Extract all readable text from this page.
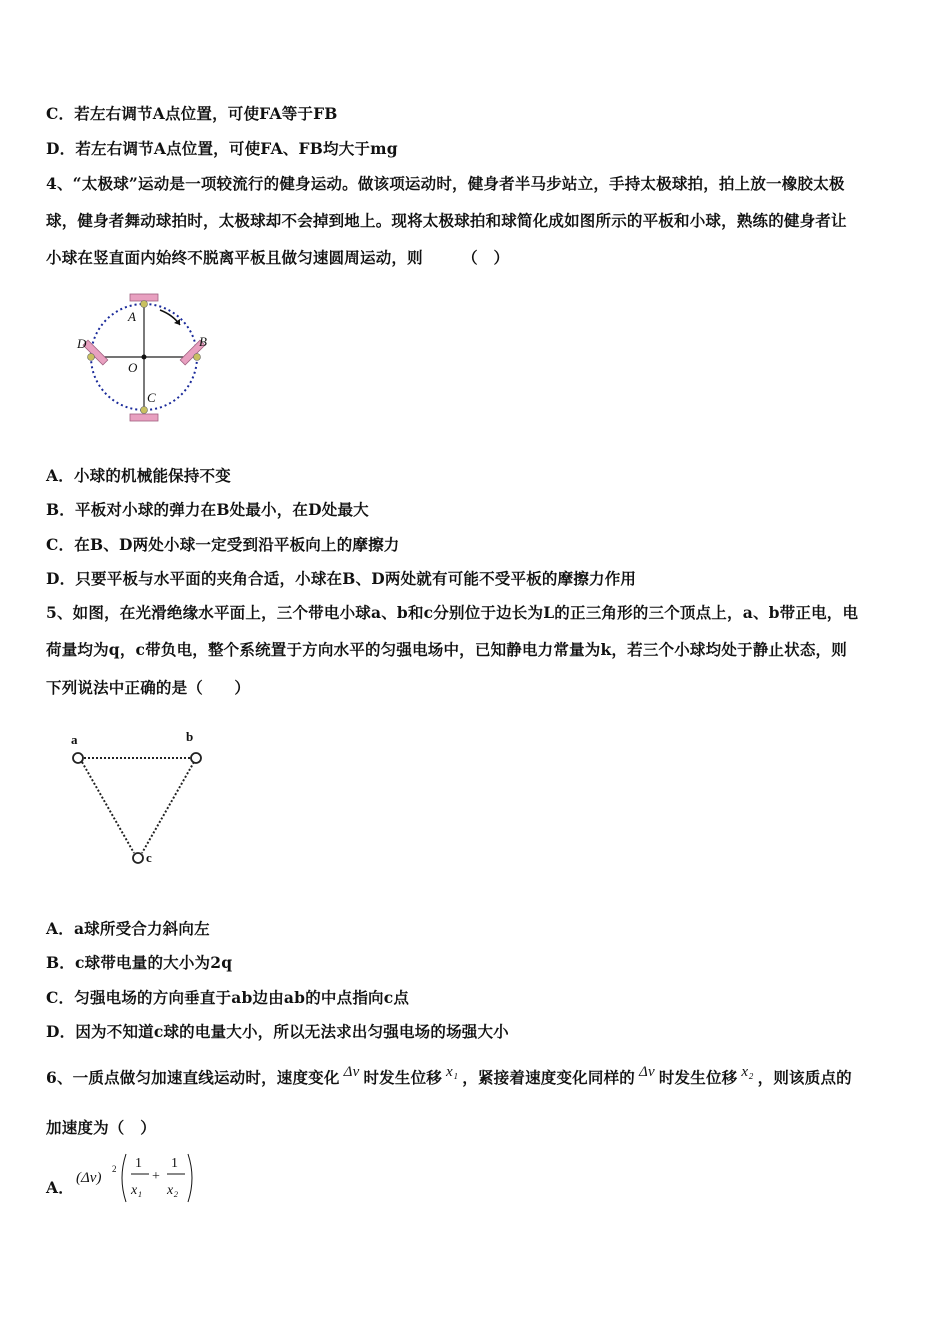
C．若左右调节A点位置，可使FA等于FB
D．若左右调节A点位置，可使FA、FB均大于mg
4、“太极球”运动是一项较流行的健身运动。做该项运动时，健身者半马步站立，手持太极球拍，拍上放一橡胶太极
球，健身者舞动球拍时，太极球却不会掉到地上。现将太极球拍和球简化成如图所示的平板和小球，熟练的健身者让
小球在竖直面内始终不脱离平板且做匀速圆周运动，则　　　（　）
A
B
C
D
O
A．小球的机械能保持不变
B．平板对小球的弹力在B处最小，在D处最大
C．在B、D两处小球一定受到沿平板向上的摩擦力
D．只要平板与水平面的夹角合适，小球在B、D两处就有可能不受平板的摩擦力作用
5、如图，在光滑绝缘水平面上，三个带电小球a、b和c分别位于边长为L的正三角形的三个顶点上，a、b带正电，电
荷量均为q，c带负电，整个系统置于方向水平的匀强电场中，已知静电力常量为k，若三个小球均处于静止状态，则
下列说法中正确的是（　　）
a	b
c
A．a球所受合力斜向左
B．c球带电量的大小为2q
C．匀强电场的方向垂直于ab边由ab的中点指向c点
D．因为不知道c球的电量大小，所以无法求出匀强电场的场强大小
6、一质点做匀加速直线运动时，速度变化 Δv 时发生位移 x₁ ，紧接着速度变化同样的 Δv 时发生位移 x₂ ，则该质点的
加速度为（　）
A． (Δv)
2 1
x₁
+
1
x₂
